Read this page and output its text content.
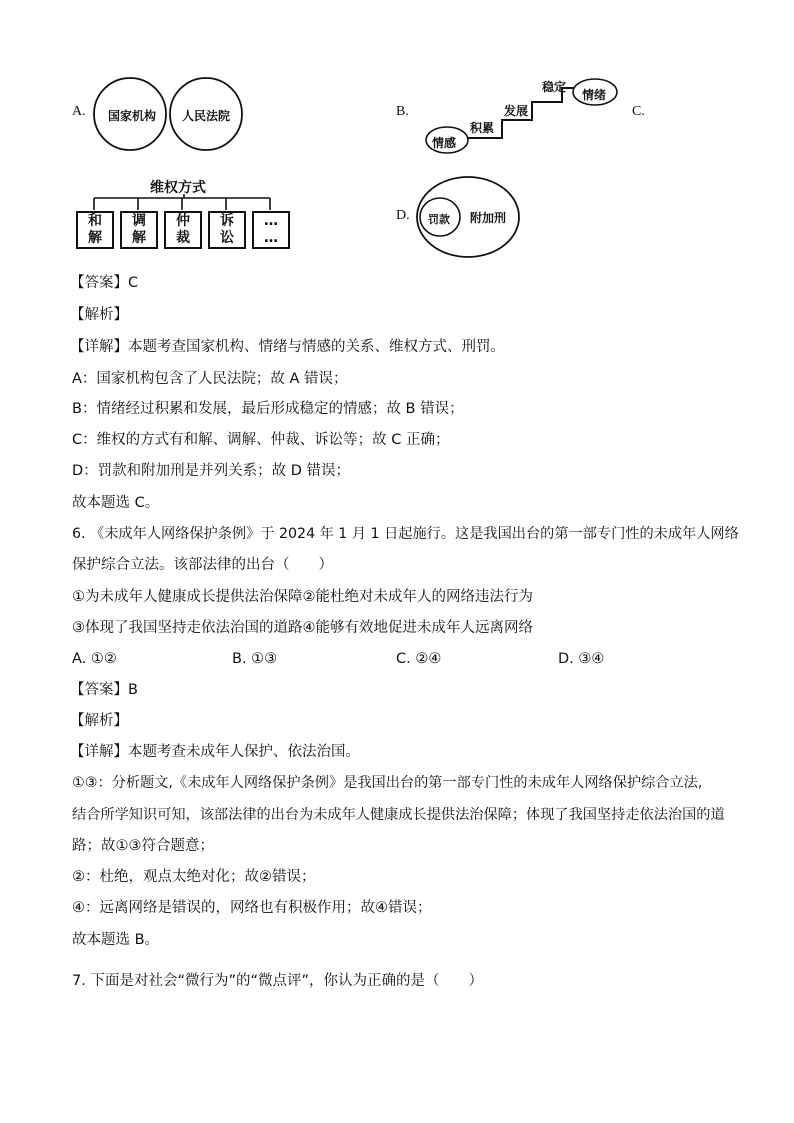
A.	国家机构	人民法院	B.
情感
积累
发展
稳定
情绪
C.
维权方式
和
解
调
解
仲
裁
诉
讼
…
…
D. 罚款 附加刑
【答案】C
【解析】
【详解】本题考查国家机构、情绪与情感的关系、维权方式、刑罚。
A：国家机构包含了人民法院；故 A 错误；
B：情绪经过积累和发展，最后形成稳定的情感；故 B 错误；
C：维权的方式有和解、调解、仲裁、诉讼等；故 C 正确；
D：罚款和附加刑是并列关系；故 D 错误；
故本题选 C。
6. 《未成年人网络保护条例》于 2024 年 1 月 1 日起施行。这是我国出台的第一部专门性的未成年人网络
保护综合立法。该部法律的出台（　　）
①为未成年人健康成长提供法治保障②能杜绝对未成年人的网络违法行为
③体现了我国坚持走依法治国的道路④能够有效地促进未成年人远离网络
A. ①②	B. ①③	C. ②④	D. ③④
【答案】B
【解析】
【详解】本题考查未成年人保护、依法治国。
①③：分析题文,《未成年人网络保护条例》是我国出台的第一部专门性的未成年人网络保护综合立法,
结合所学知识可知，该部法律的出台为未成年人健康成长提供法治保障；体现了我国坚持走依法治国的道
路；故①③符合题意；
②：杜绝，观点太绝对化；故②错误；
④：远离网络是错误的，网络也有积极作用；故④错误；
故本题选 B。
7. 下面是对社会“微行为”的“微点评”，你认为正确的是（　　）
